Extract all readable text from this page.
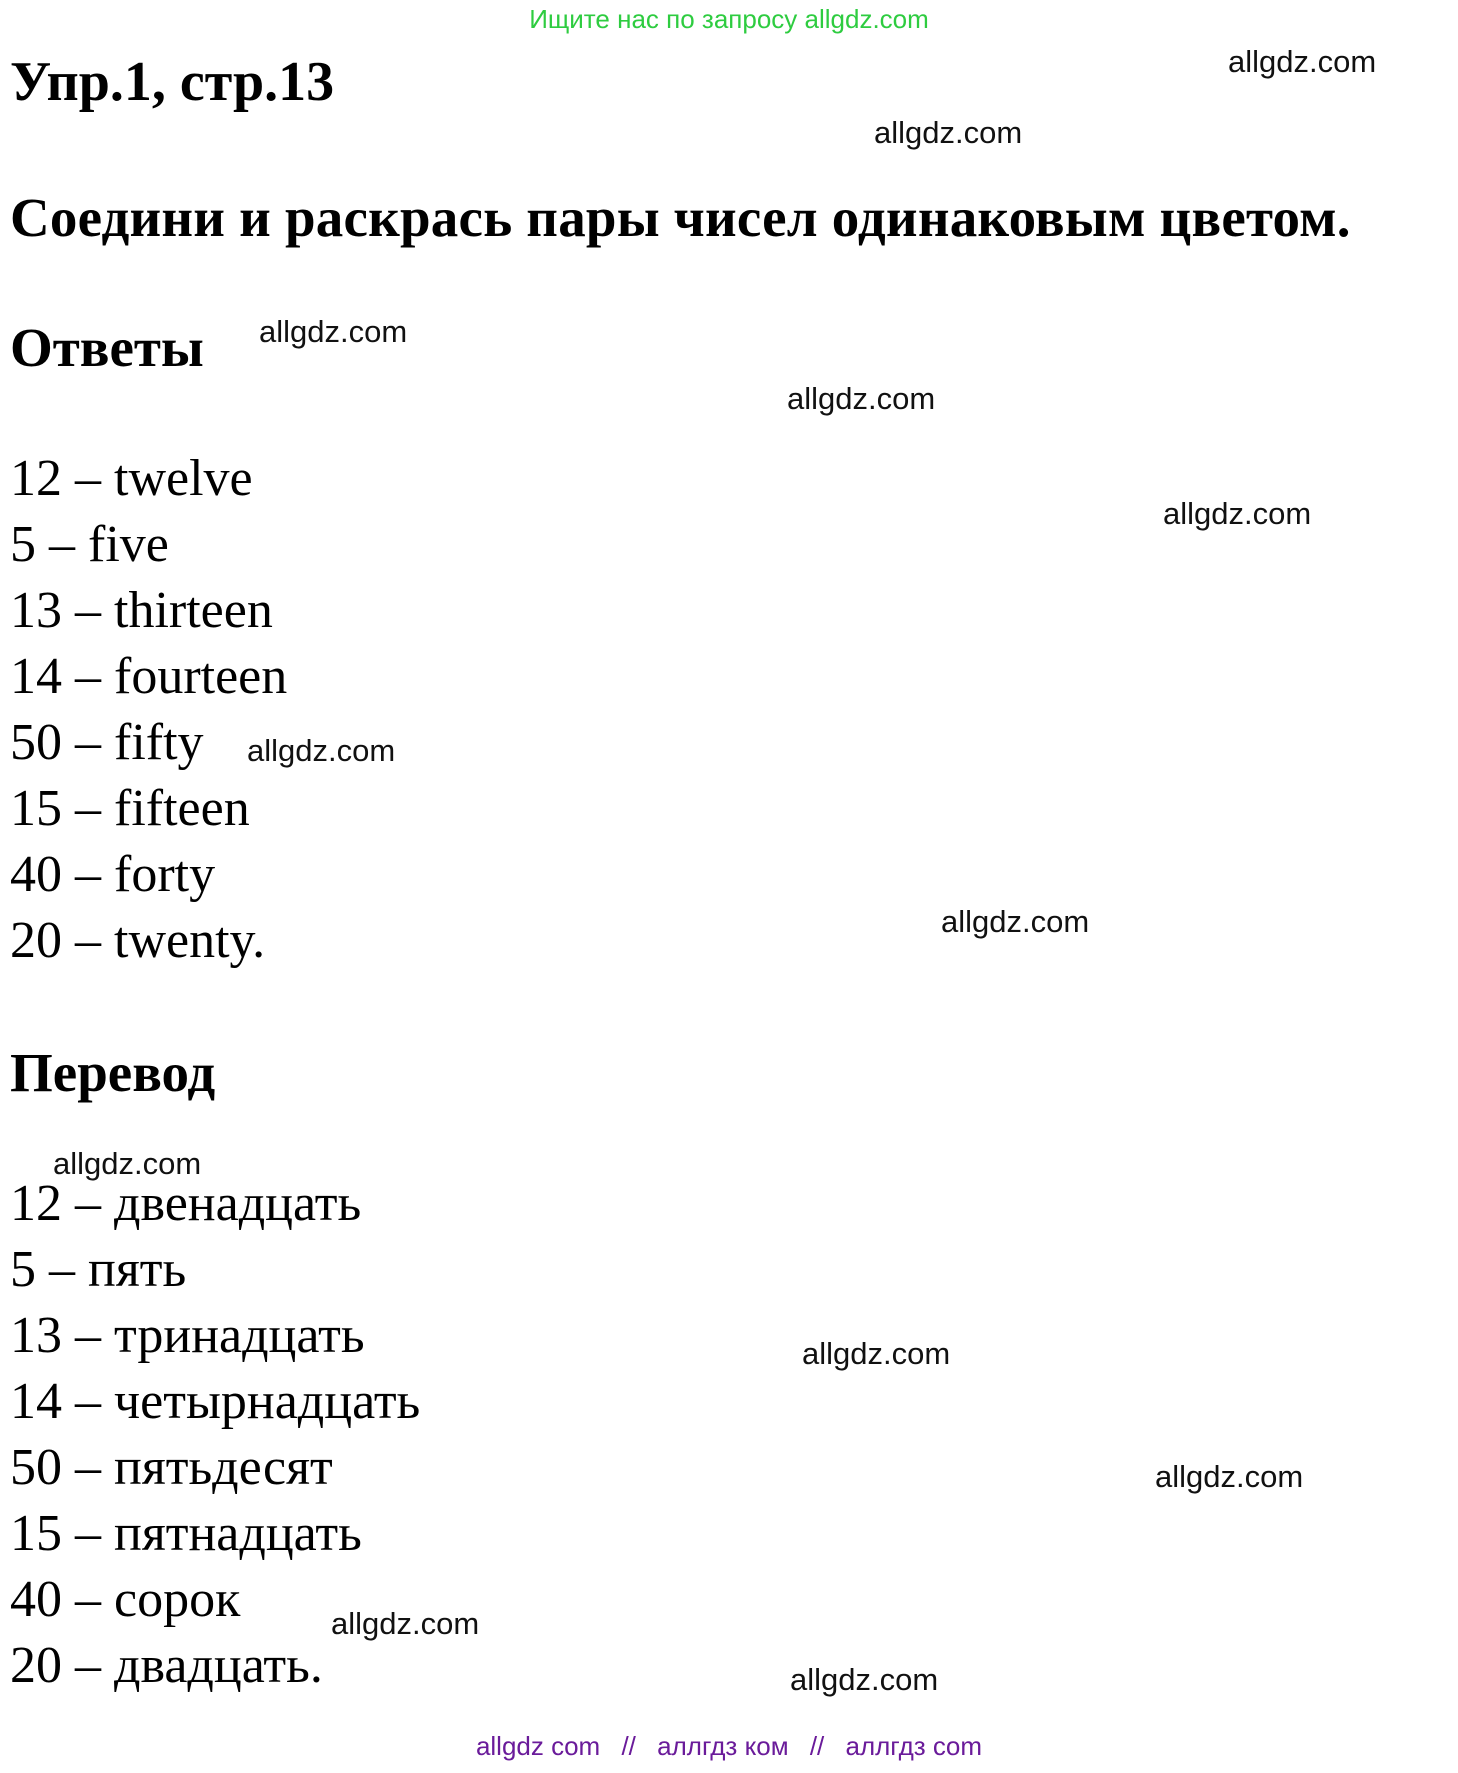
Ищите нас по запросу allgdz.com
Упр.1, стр.13
Соедини и раскрась пары чисел одинаковым цветом.
Ответы
12 – twelve
5 – five
13 – thirteen
14 – fourteen
50 – fifty
15 – fifteen
40 – forty
20 – twenty.
Перевод
12 – двенадцать
5 – пять
13 – тринадцать
14 – четырнадцать
50 – пятьдесят
15 – пятнадцать
40 – сорок
20 – двадцать.
allgdz.com
allgdz.com
allgdz.com
allgdz.com
allgdz.com
allgdz.com
allgdz.com
allgdz.com
allgdz.com
allgdz.com
allgdz.com
allgdz.com
allgdz com // аллгдз ком // аллгдз com
